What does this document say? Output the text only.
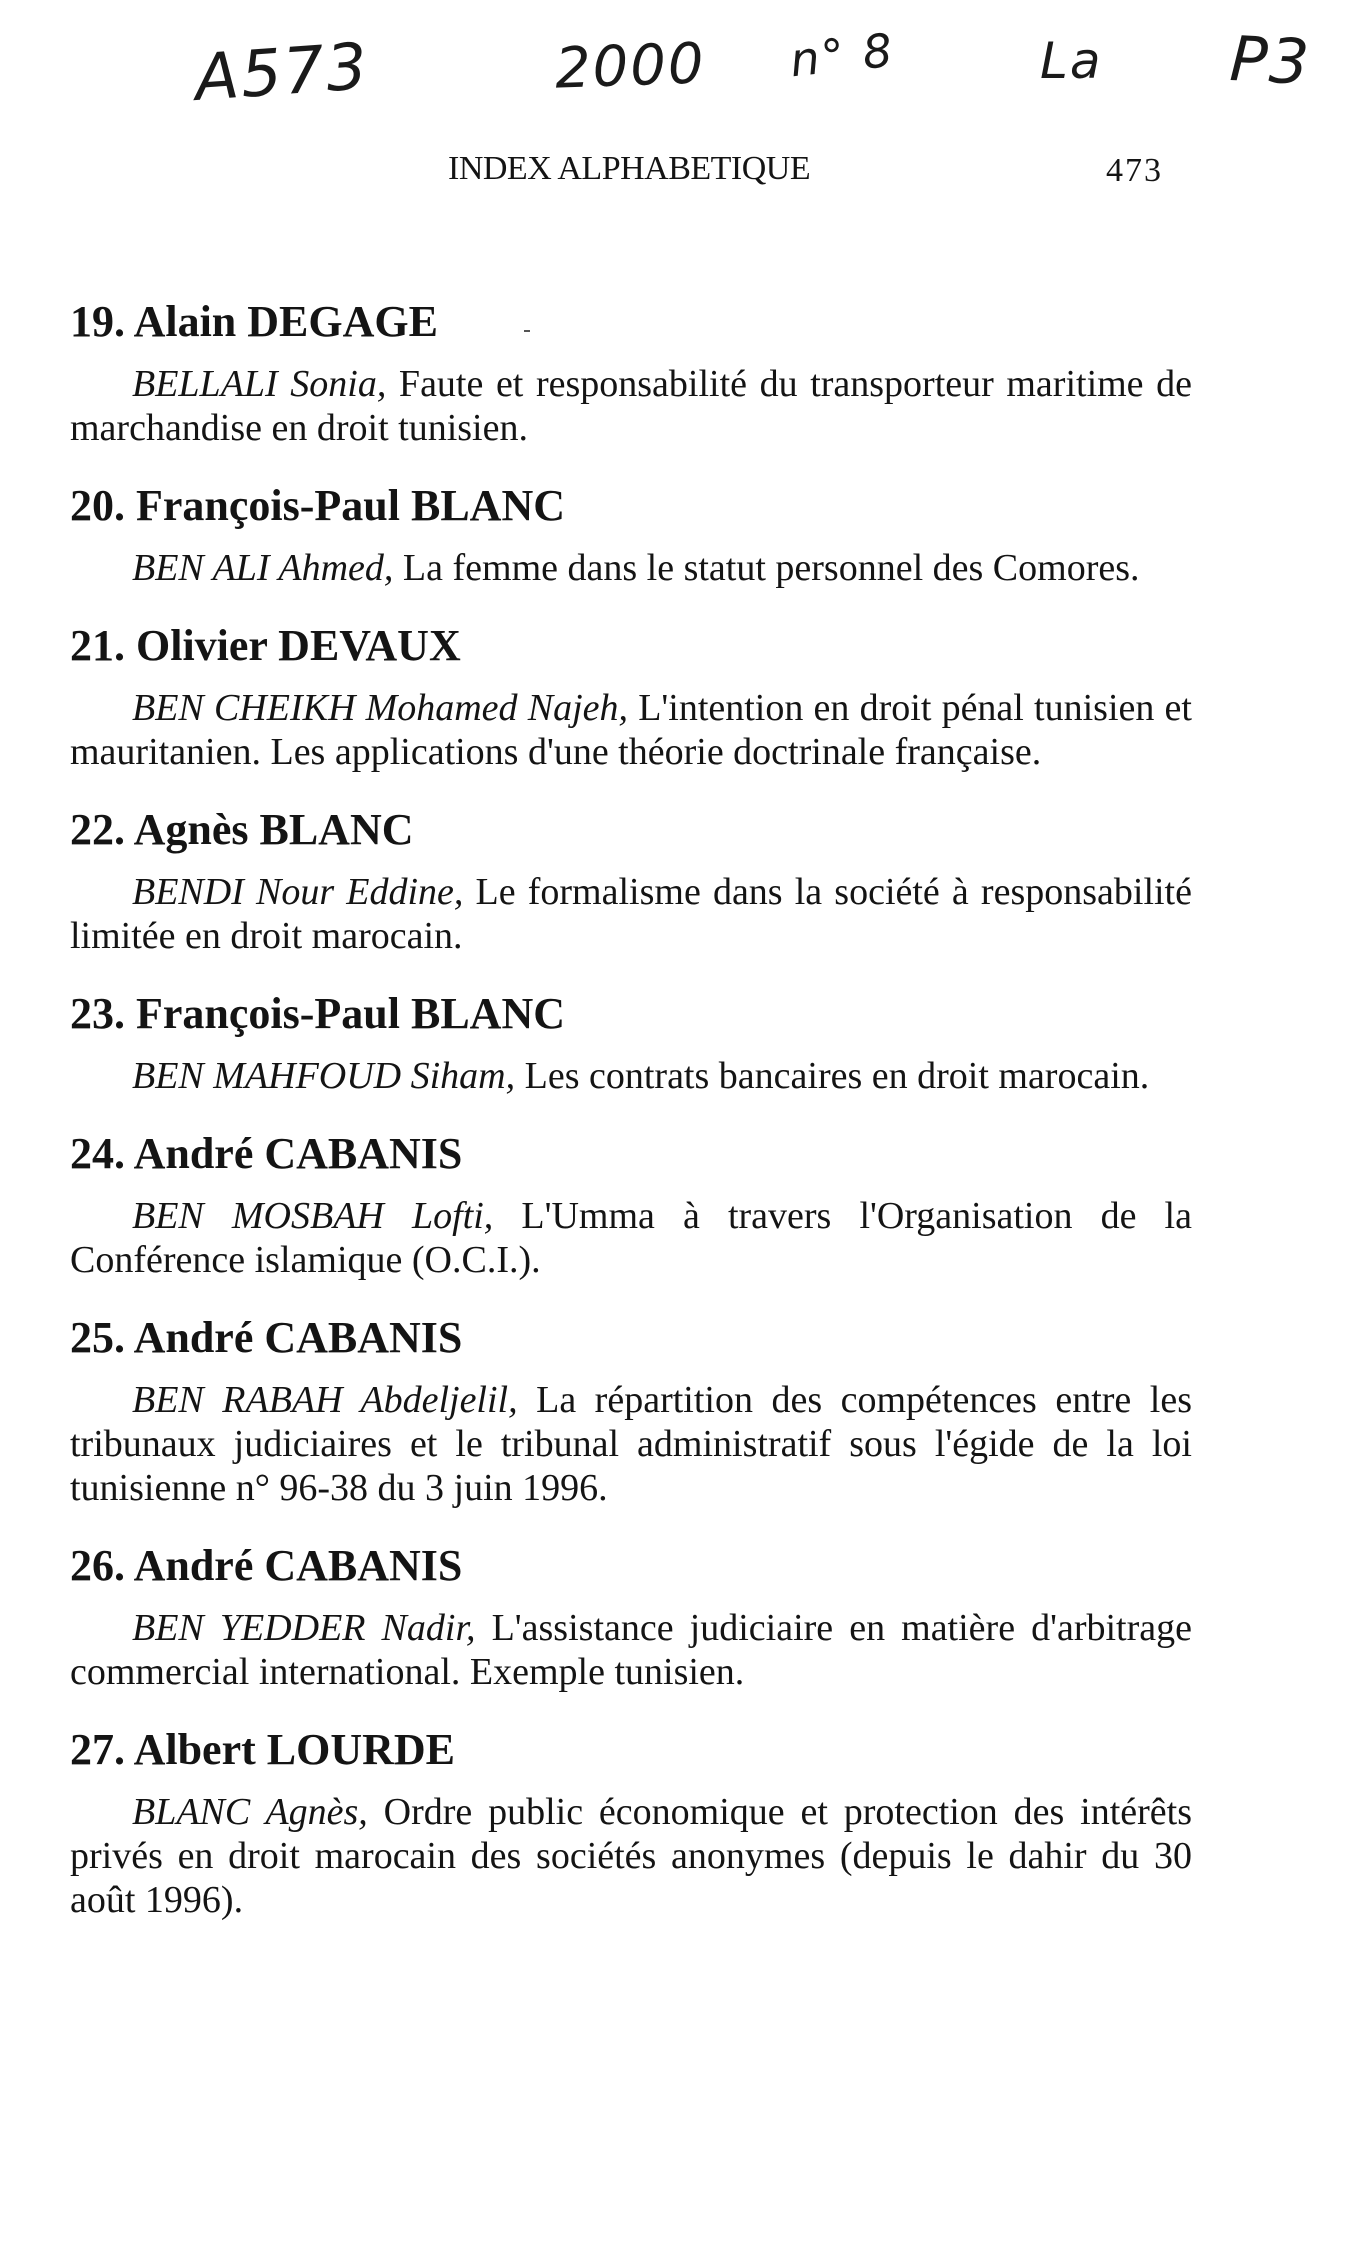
A573	2000 n° 8	La P3
INDEX ALPHABETIQUE	473
19. Alain DEGAGE

BELLALI Sonia, Faute et responsabilité du transporteur maritime de marchandise en droit tunisien.

20. François-Paul BLANC

BEN ALI Ahmed, La femme dans le statut personnel des Comores.

21. Olivier DEVAUX

BEN CHEIKH Mohamed Najeh, L'intention en droit pénal tunisien et mauritanien. Les applications d'une théorie doctrinale française.

22. Agnès BLANC

BENDI Nour Eddine, Le formalisme dans la société à responsabilité limitée en droit marocain.

23. François-Paul BLANC

BEN MAHFOUD Siham, Les contrats bancaires en droit marocain.

24. André CABANIS

BEN MOSBAH Lofti, L'Umma à travers l'Organisation de la Conférence islamique (O.C.I.).

25. André CABANIS

BEN RABAH Abdeljelil, La répartition des compétences entre les tribunaux judiciaires et le tribunal administratif sous l'égide de la loi tunisienne n° 96-38 du 3 juin 1996.

26. André CABANIS

BEN YEDDER Nadir, L'assistance judiciaire en matière d'arbitrage commercial international. Exemple tunisien.

27. Albert LOURDE

BLANC Agnès, Ordre public économique et protection des intérêts privés en droit marocain des sociétés anonymes (depuis le dahir du 30 août 1996).
